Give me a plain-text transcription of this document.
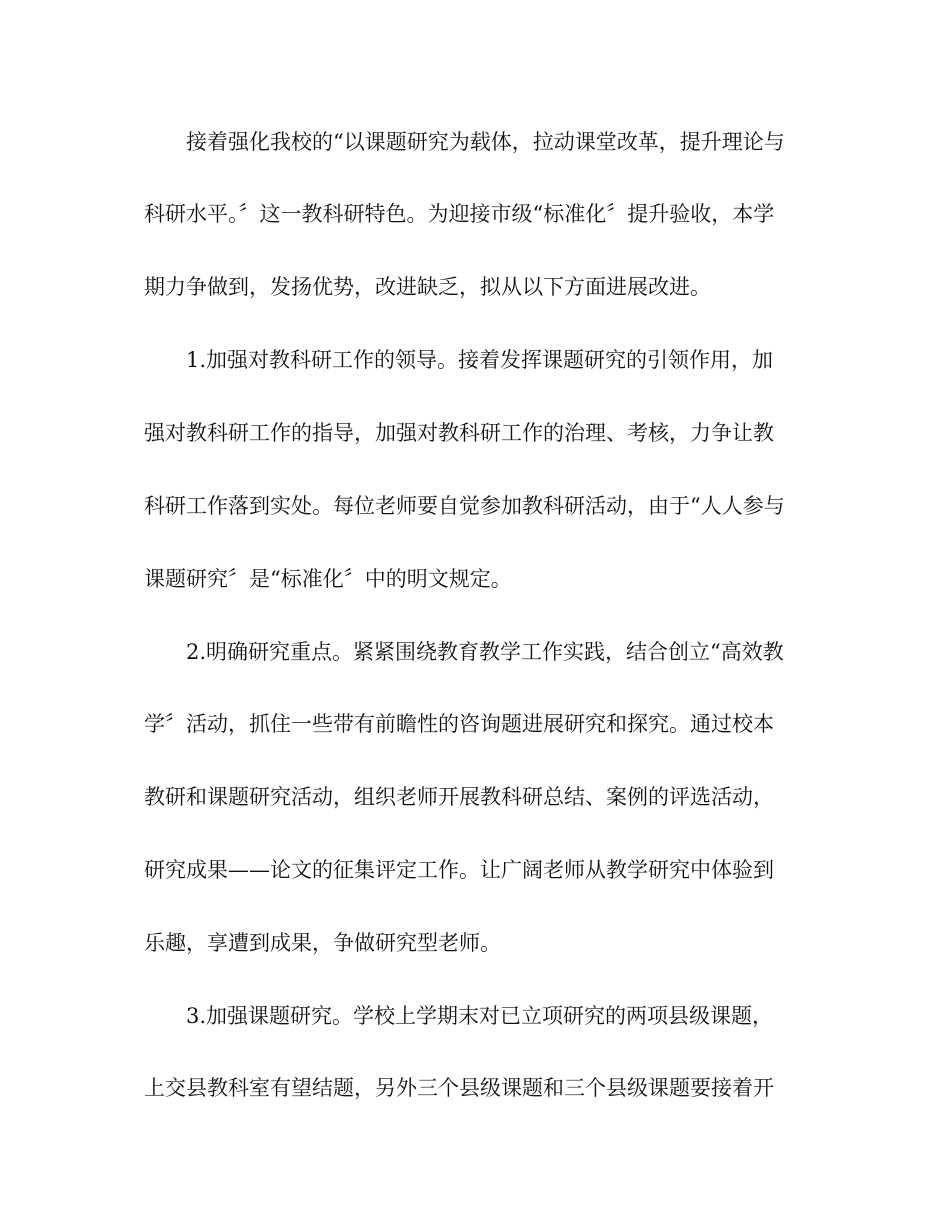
接着强化我校的“以课题研究为载体，拉动课堂改革，提升理论与
科研水平。〞这一教科研特色。为迎接市级“标准化〞提升验收，本学
期力争做到，发扬优势，改进缺乏，拟从以下方面进展改进。
1.加强对教科研工作的领导。接着发挥课题研究的引领作用，加
强对教科研工作的指导，加强对教科研工作的治理、考核，力争让教
科研工作落到实处。每位老师要自觉参加教科研活动，由于“人人参与
课题研究〞是“标准化〞中的明文规定。
2.明确研究重点。紧紧围绕教育教学工作实践，结合创立“高效教
学〞活动，抓住一些带有前瞻性的咨询题进展研究和探究。通过校本
教研和课题研究活动，组织老师开展教科研总结、案例的评选活动，
研究成果——论文的征集评定工作。让广阔老师从教学研究中体验到
乐趣，享遭到成果，争做研究型老师。
3.加强课题研究。学校上学期末对已立项研究的两项县级课题，
上交县教科室有望结题，另外三个县级课题和三个县级课题要接着开
